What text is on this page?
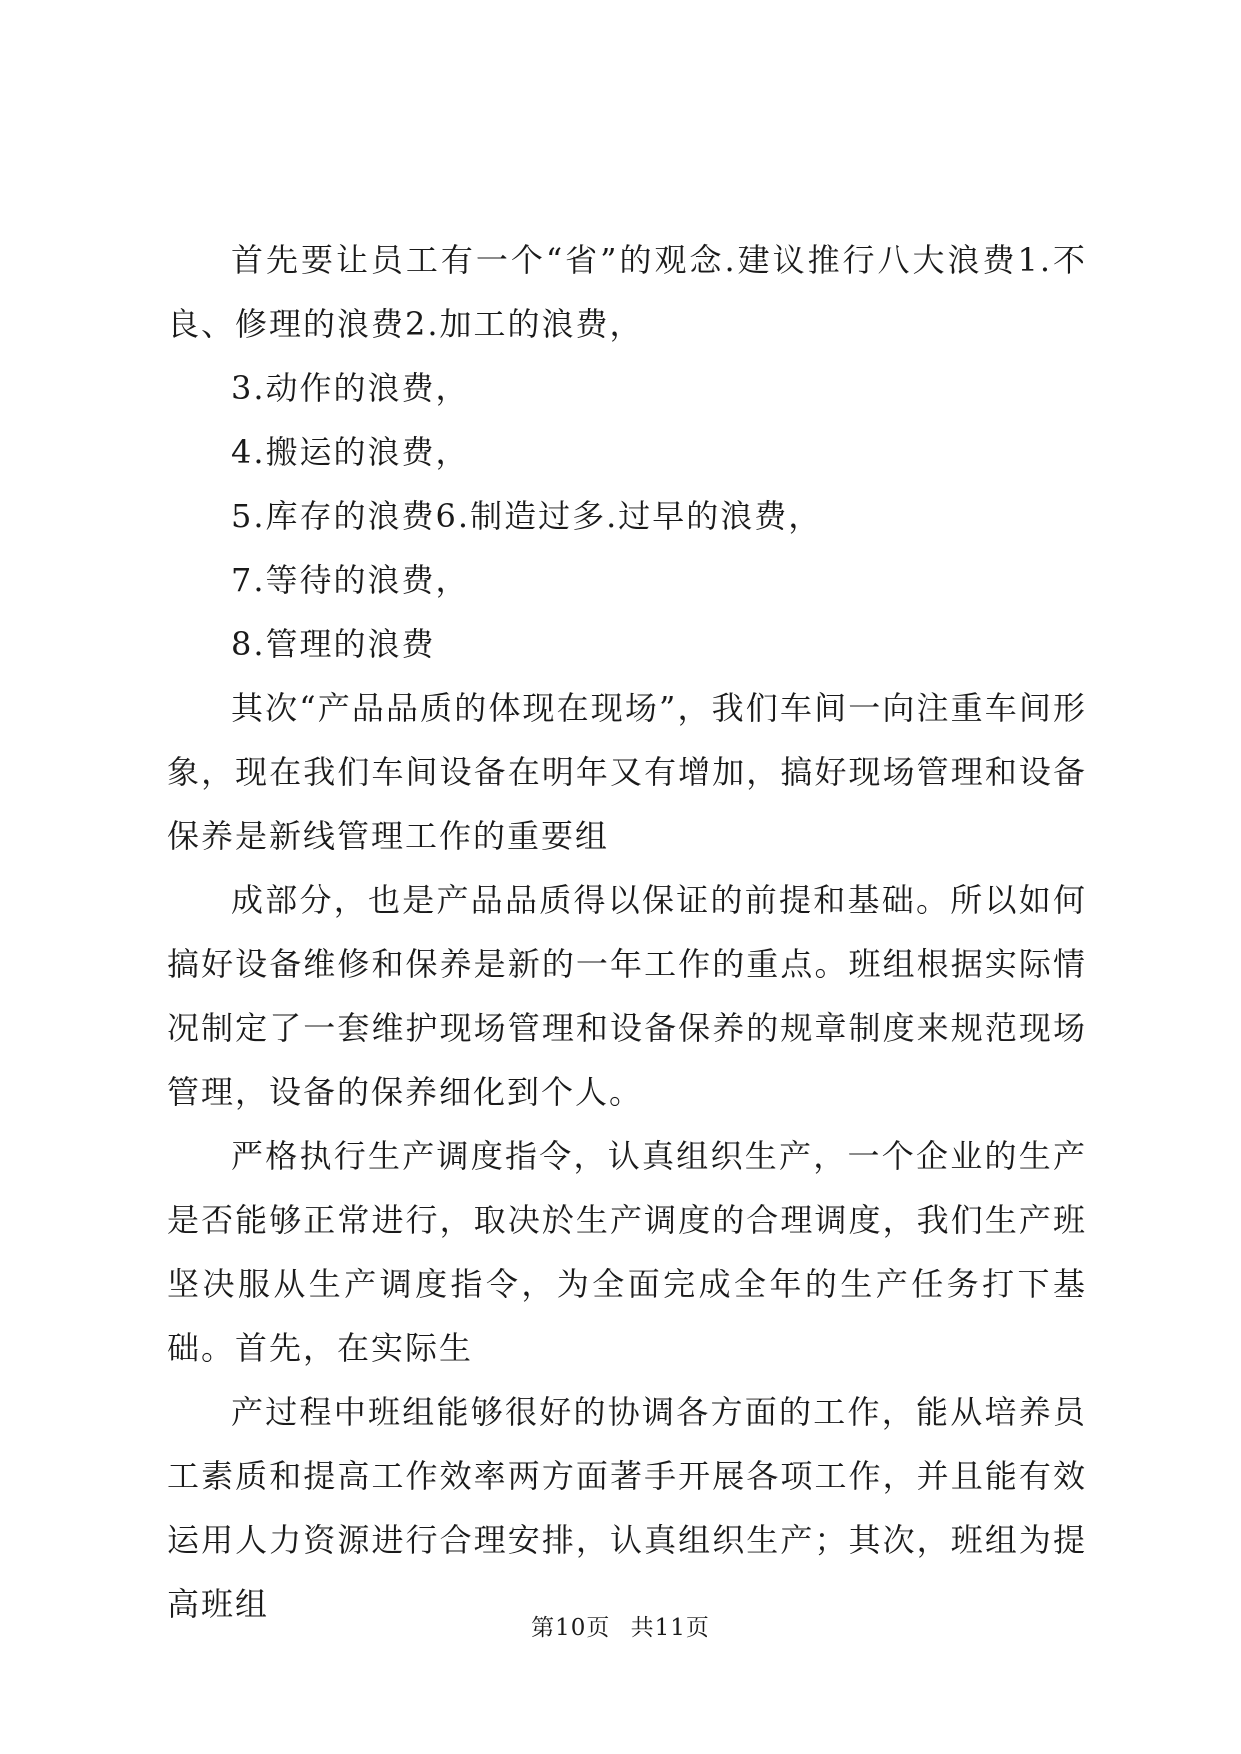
首先要让员工有一个“省”的观念.建议推行八大浪费1.不良、修理的浪费2.加工的浪费，

3.动作的浪费，

4.搬运的浪费，

5.库存的浪费6.制造过多.过早的浪费，

7.等待的浪费，

8.管理的浪费

其次“产品品质的体现在现场”，我们车间一向注重车间形象，现在我们车间设备在明年又有增加，搞好现场管理和设备保养是新线管理工作的重要组

成部分，也是产品品质得以保证的前提和基础。所以如何搞好设备维修和保养是新的一年工作的重点。班组根据实际情况制定了一套维护现场管理和设备保养的规章制度来规范现场管理，设备的保养细化到个人。

严格执行生产调度指令，认真组织生产，一个企业的生产是否能够正常进行，取决於生产调度的合理调度，我们生产班坚决服从生产调度指令，为全面完成全年的生产任务打下基础。首先，在实际生

产过程中班组能够很好的协调各方面的工作，能从培养员工素质和提高工作效率两方面著手开展各项工作，并且能有效运用人力资源进行合理安排，认真组织生产；其次，班组为提高班组

第10页 共11页
